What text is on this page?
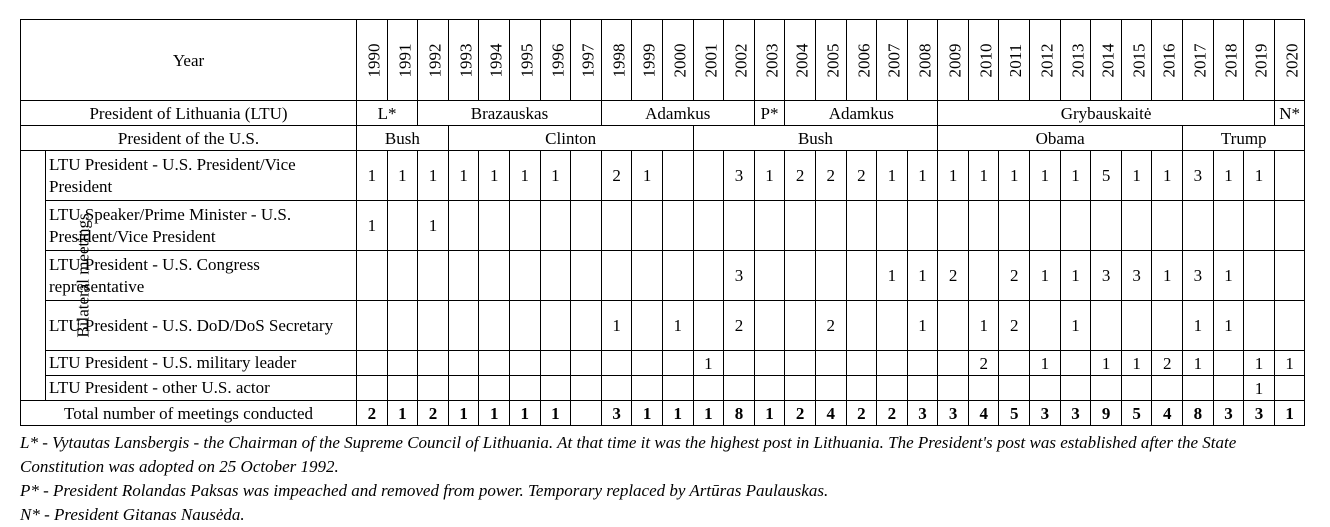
Year		1990	1991	1992	1993	1994	1995	1996	1997	1998	1999	2000	2001	2002	2003	2004	2005	2006	2007	2008	2009	2010	2011	2012	2013	2014	2015	2016	2017	2018	2019	2020
President of Lithuania (LTU)		L*		Brazauskas						Adamkus					P*	Adamkus					Grybauskaitė											N*
President of the U.S.		Bush			Clinton								Bush								Obama								Trump			
Bilateral meetings	LTU President - U.S. President/Vice President	1	1	1	1	1	1	1		2	1			3	1	2	2	2	1	1	1	1	1	1	1	5	1	1	3	1	1	
	LTU Speaker/Prime Minister - U.S. President/Vice President	1		1																												
	LTU President - U.S. Congress representative													3					1	1	2		2	1	1	3	3	1	3	1		
	LTU President - U.S. DoD/DoS Secretary									1		1		2			2			1		1	2		1				1	1		
	LTU President - U.S. military leader												1									2		1		1	1	2	1		1	1
	LTU President - other U.S. actor																														1	
Total number of meetings conducted		2	1	2	1	1	1	1		3	1	1	1	8	1	2	4	2	2	3	3	4	5	3	3	9	5	4	8	3	3	1

L* - Vytautas Lansbergis - the Chairman of the Supreme Council of Lithuania. At that time it was the highest post in Lithuania. The President's post was established after the State Constitution was adopted on 25 October 1992.

P* - President Rolandas Paksas was impeached and removed from power. Temporary replaced by Artūras Paulauskas.

N* - President Gitanas Nausėda.
